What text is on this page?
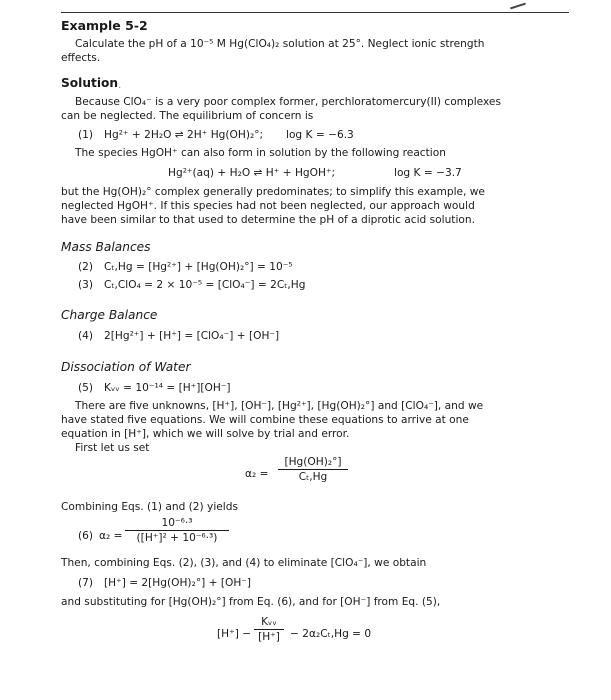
Example 5-2
Calculate the pH of a 10⁻⁵ M Hg(ClO₄)₂ solution at 25°. Neglect ionic strength
effects.
Solution .
Because ClO₄⁻ is a very poor complex former, perchloratomercury(II) complexes
can be neglected. The equilibrium of concern is
(1) Hg²⁺ + 2H₂O ⇌ 2H⁺ Hg(OH)₂°; log K = −6.3
The species HgOH⁺ can also form in solution by the following reaction
Hg²⁺(aq) + H₂O ⇌ H⁺ + HgOH⁺;	log K = −3.7
but the Hg(OH)₂° complex generally predominates; to simplify this example, we
neglected HgOH⁺. If this species had not been neglected, our approach would
have been similar to that used to determine the pH of a diprotic acid solution.
Mass Balances
(2) Cₜ,Hg = [Hg²⁺] + [Hg(OH)₂°] = 10⁻⁵
(3) Cₜ,ClO₄ = 2 × 10⁻⁵ = [ClO₄⁻] = 2Cₜ,Hg
Charge Balance
(4) 2[Hg²⁺] + [H⁺] = [ClO₄⁻] + [OH⁻]
Dissociation of Water
(5) Kᵥᵥ = 10⁻¹⁴ = [H⁺][OH⁻]
There are five unknowns, [H⁺], [OH⁻], [Hg²⁺], [Hg(OH)₂°] and [ClO₄⁻], and we
have stated five equations. We will combine these equations to arrive at one
equation in [H⁺], which we will solve by trial and error.
First let us set
α₂ =
[Hg(OH)₂°]
Cₜ,Hg
Combining Eqs. (1) and (2) yields
(6) α₂ =
10⁻⁶·³
([H⁺]² + 10⁻⁶·³)
Then, combining Eqs. (2), (3), and (4) to eliminate [ClO₄⁻], we obtain
(7) [H⁺] = 2[Hg(OH)₂°] + [OH⁻]
and substituting for [Hg(OH)₂°] from Eq. (6), and for [OH⁻] from Eq. (5),
[H⁺] −
Kᵥᵥ
[H⁺] − 2α₂Cₜ,Hg = 0
